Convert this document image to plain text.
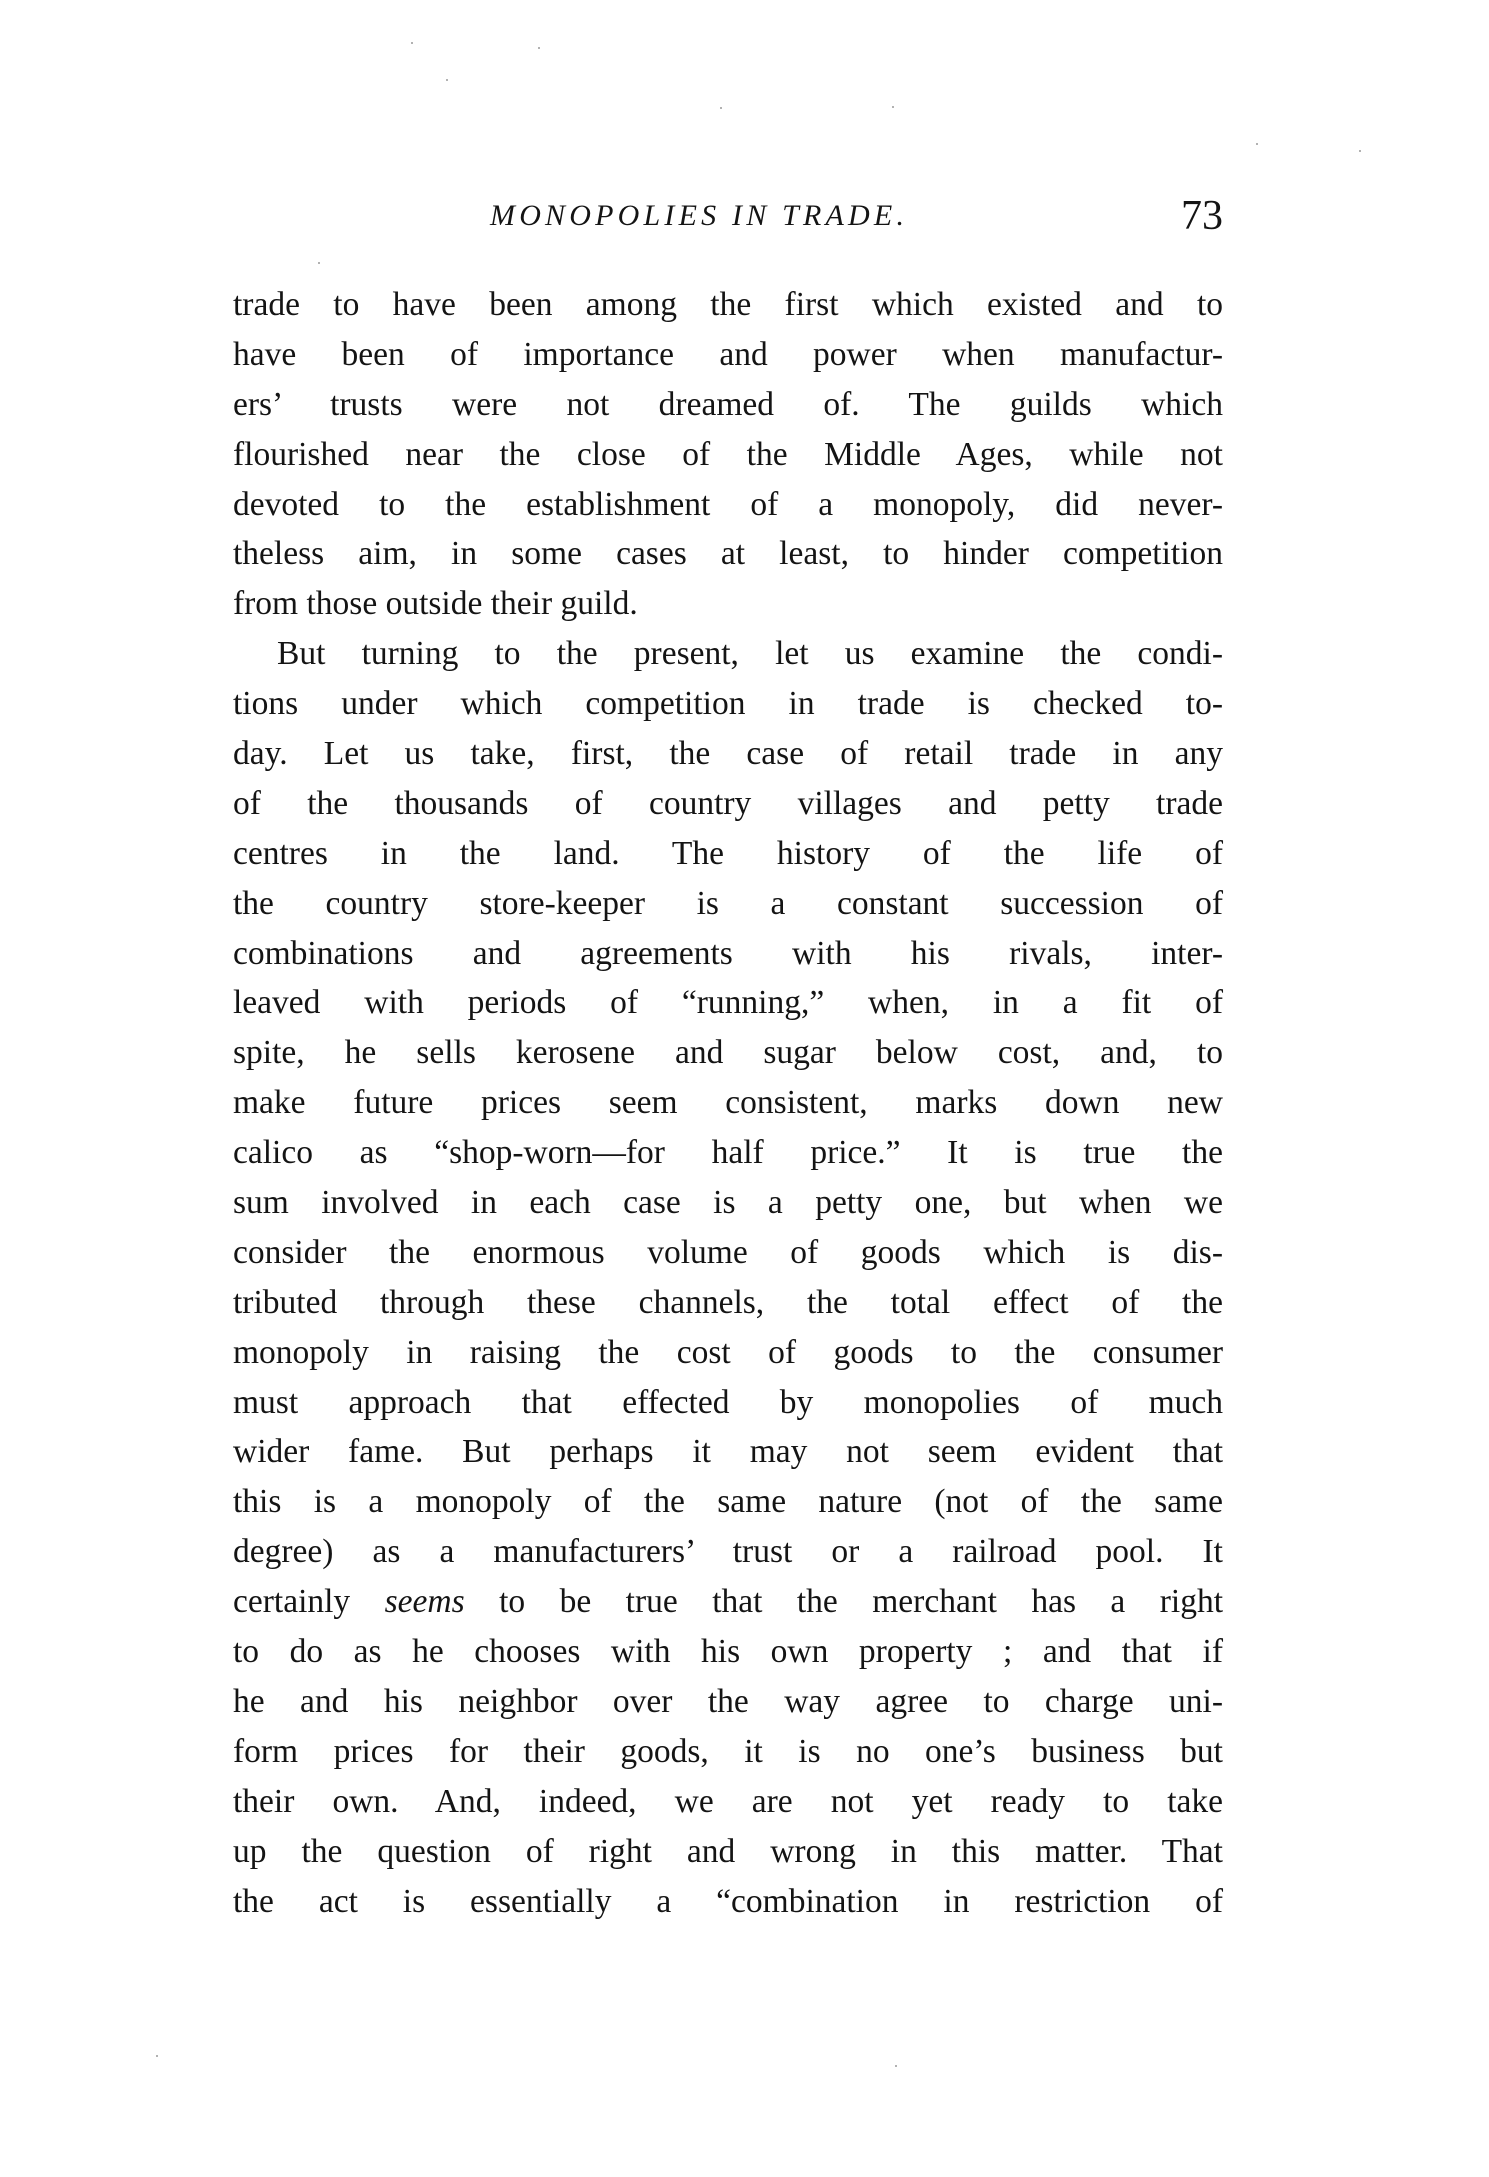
MONOPOLIES IN TRADE.	73
trade to have been among the first which existed and to
have been of importance and power when manufactur-
ers’ trusts were not dreamed of. The guilds which
flourished near the close of the Middle Ages, while not
devoted to the establishment of a monopoly, did never-
theless aim, in some cases at least, to hinder competition
from those outside their guild.
But turning to the present, let us examine the condi-
tions under which competition in trade is checked to-
day. Let us take, first, the case of retail trade in any
of the thousands of country villages and petty trade
centres in the land. The history of the life of
the country store-keeper is a constant succession of
combinations and agreements with his rivals, inter-
leaved with periods of “running,” when, in a fit of
spite, he sells kerosene and sugar below cost, and, to
make future prices seem consistent, marks down new
calico as “shop-worn—for half price.” It is true the
sum involved in each case is a petty one, but when we
consider the enormous volume of goods which is dis-
tributed through these channels, the total effect of the
monopoly in raising the cost of goods to the consumer
must approach that effected by monopolies of much
wider fame. But perhaps it may not seem evident that
this is a monopoly of the same nature (not of the same
degree) as a manufacturers’ trust or a railroad pool. It
certainly seems to be true that the merchant has a right
to do as he chooses with his own property ; and that if
he and his neighbor over the way agree to charge uni-
form prices for their goods, it is no one’s business but
their own. And, indeed, we are not yet ready to take
up the question of right and wrong in this matter. That
the act is essentially a “combination in restriction of
